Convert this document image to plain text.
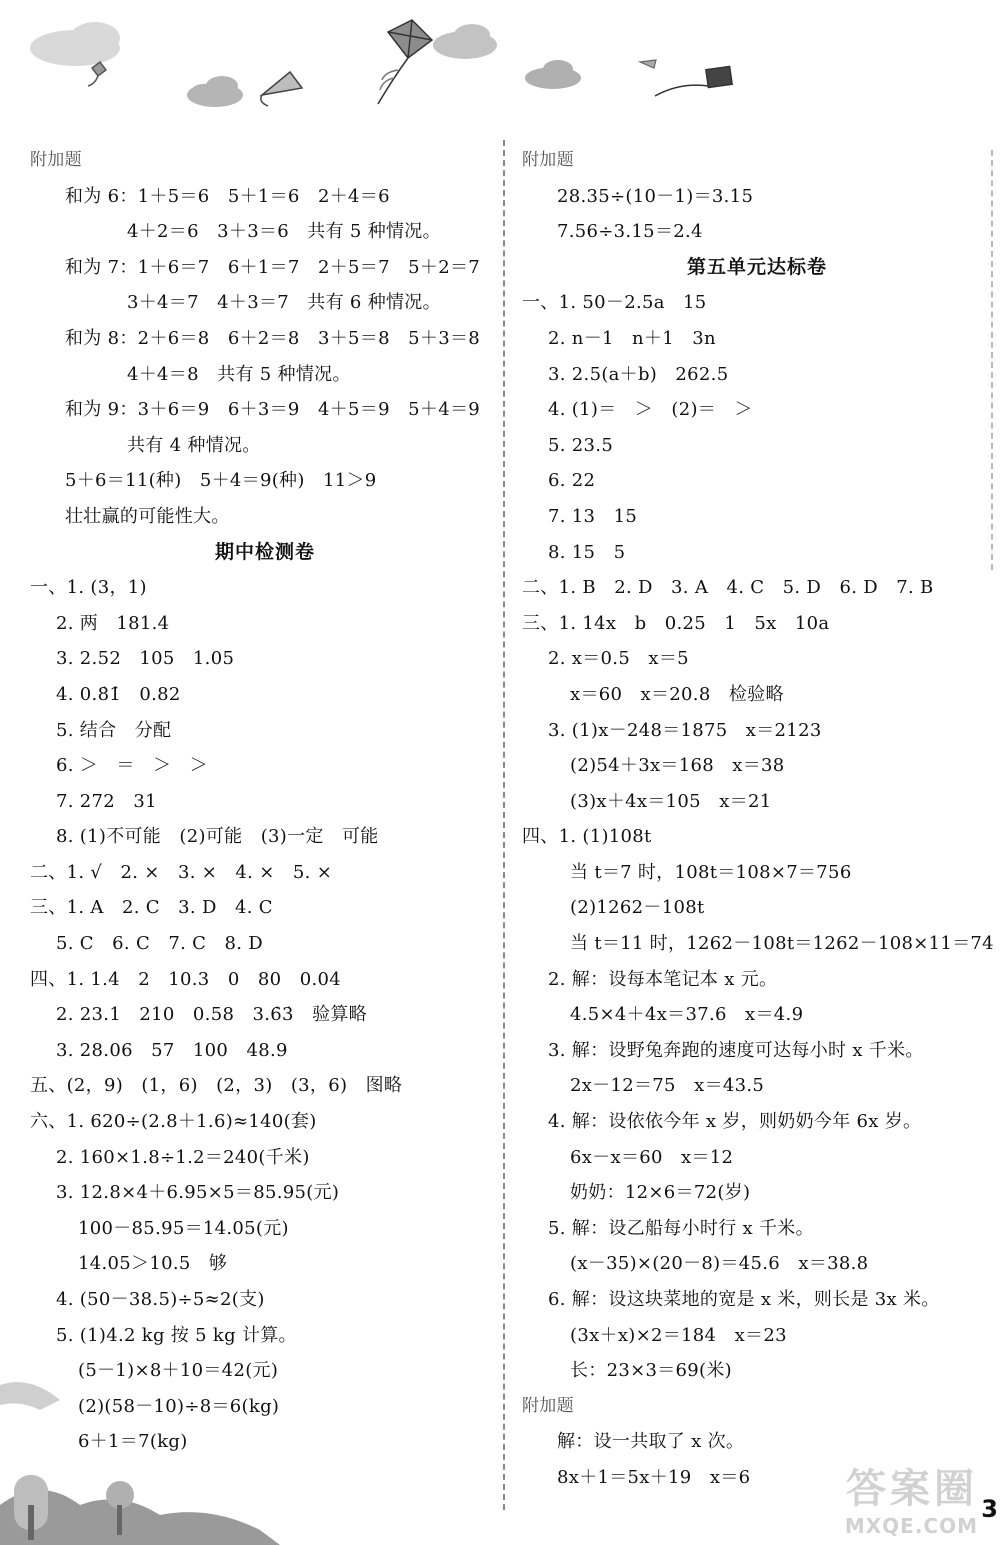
附加题
和为 6：1＋5＝6　5＋1＝6　2＋4＝6
4＋2＝6　3＋3＝6　共有 5 种情况。
和为 7：1＋6＝7　6＋1＝7　2＋5＝7　5＋2＝7
3＋4＝7　4＋3＝7　共有 6 种情况。
和为 8：2＋6＝8　6＋2＝8　3＋5＝8　5＋3＝8
4＋4＝8　共有 5 种情况。
和为 9：3＋6＝9　6＋3＝9　4＋5＝9　5＋4＝9
共有 4 种情况。
5＋6＝11(种)　5＋4＝9(种)　11＞9
壮壮赢的可能性大。
期中检测卷
一、1. (3，1)
2. 两　181.4
3. 2.52　105　1.05
4. 0.8̇1̇　0.82
5. 结合　分配
6. ＞　＝　＞　＞
7. 272　31
8. (1)不可能　(2)可能　(3)一定　可能
二、1. √　2. ×　3. ×　4. ×　5. ×
三、1. A　2. C　3. D　4. C
5. C　6. C　7. C　8. D
四、1. 1.4　2　10.3　0　80　0.04
2. 23.1　210　0.58　3.6̇3̇　验算略
3. 28.06　57　100　48.9
五、(2，9)　(1，6)　(2，3)　(3，6)　图略
六、1. 620÷(2.8＋1.6)≈140(套)
2. 160×1.8÷1.2＝240(千米)
3. 12.8×4＋6.95×5＝85.95(元)
100－85.95＝14.05(元)
14.05＞10.5　够
4. (50－38.5)÷5≈2(支)
5. (1)4.2 kg 按 5 kg 计算。
(5－1)×8＋10＝42(元)
(2)(58－10)÷8＝6(kg)
6＋1＝7(kg)
附加题
28.35÷(10－1)＝3.15
7.56÷3.15＝2.4
第五单元达标卷
一、1. 50－2.5a　15
2. n－1　n＋1　3n
3. 2.5(a＋b)　262.5
4. (1)＝　＞　(2)＝　＞
5. 23.5
6. 22
7. 13　15
8. 15　5
二、1. B　2. D　3. A　4. C　5. D　6. D　7. B
三、1. 14x　b　0.25　1　5x　10a
2. x＝0.5　x＝5
x＝60　x＝20.8　检验略
3. (1)x－248＝1875　x＝2123
(2)54＋3x＝168　x＝38
(3)x＋4x＝105　x＝21
四、1. (1)108t
当 t＝7 时，108t＝108×7＝756
(2)1262－108t
当 t＝11 时，1262－108t＝1262－108×11＝74
2. 解：设每本笔记本 x 元。
4.5×4＋4x＝37.6　x＝4.9
3. 解：设野兔奔跑的速度可达每小时 x 千米。
2x－12＝75　x＝43.5
4. 解：设依依今年 x 岁，则奶奶今年 6x 岁。
6x－x＝60　x＝12
奶奶：12×6＝72(岁)
5. 解：设乙船每小时行 x 千米。
(x－35)×(20－8)＝45.6　x＝38.8
6. 解：设这块菜地的宽是 x 米，则长是 3x 米。
(3x＋x)×2＝184　x＝23
长：23×3＝69(米)
附加题
解：设一共取了 x 次。
8x＋1＝5x＋19　x＝6	答案圈
MXQE.COM
3
